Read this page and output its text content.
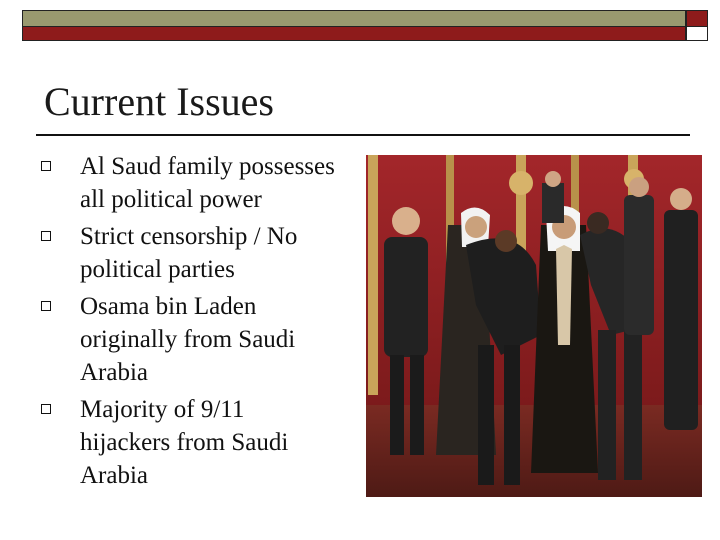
Current Issues
Al Saud family possesses all political power
Strict censorship / No political parties
Osama bin Laden originally from Saudi Arabia
Majority of 9/11 hijackers from Saudi Arabia
